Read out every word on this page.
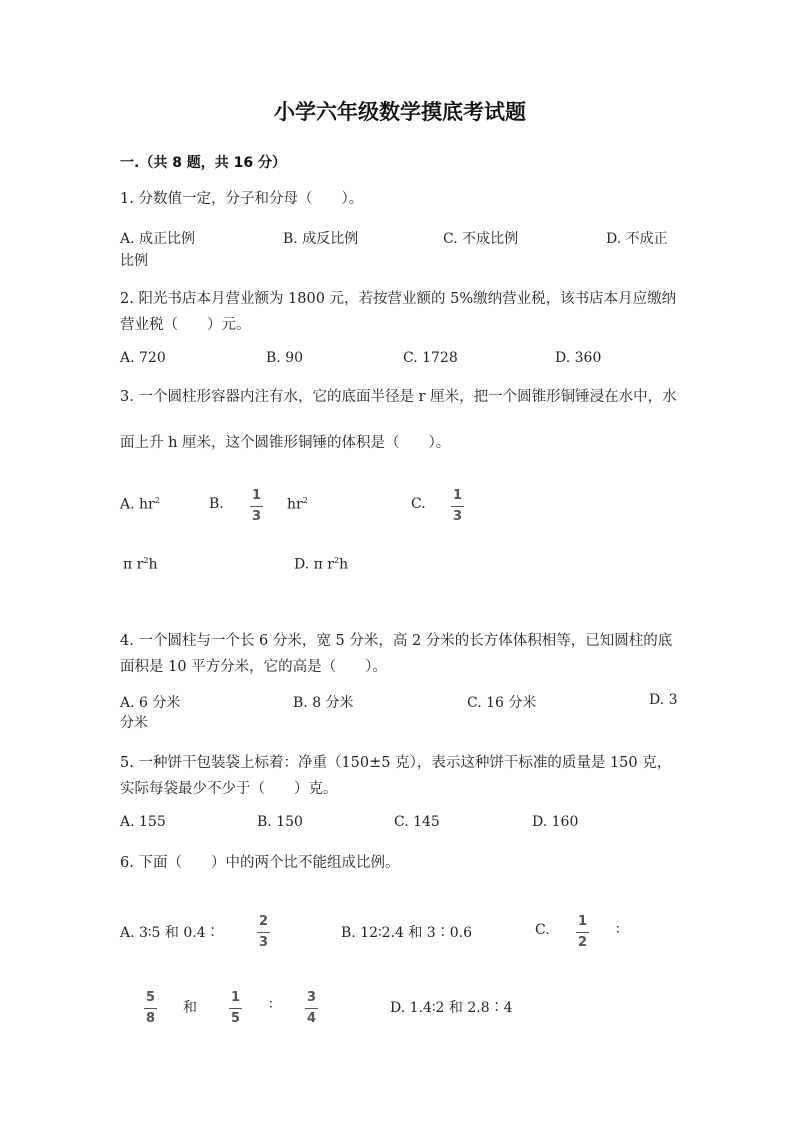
小学六年级数学摸底考试题
一.（共 8 题，共 16 分）
1. 分数值一定，分子和分母（　　）。
A. 成正比例	B. 成反比例	C. 不成比例	D. 不成正
比例
2. 阳光书店本月营业额为 1800 元，若按营业额的 5%缴纳营业税，该书店本月应缴纳营业税（　　）元。
A. 720	B. 90	C. 1728	D. 360
3. 一个圆柱形容器内注有水，它的底面半径是 r 厘米，把一个圆锥形铜锤浸在水中，水面上升 h 厘米，这个圆锥形铜锤的体积是（　　）。
A. $hr^2$	B.
1
3
$hr^2$	C.
1
3
π $r^2h$	D. π $r^2h$
4. 一个圆柱与一个长 6 分米，宽 5 分米，高 2 分米的长方体体积相等，已知圆柱的底面积是 10 平方分米，它的高是（　　）。
A. 6 分米	B. 8 分米	C. 16 分米	D. 3
分米
5. 一种饼干包装袋上标着：净重（150±5 克），表示这种饼干标准的质量是 150 克，实际每袋最少不少于（　　）克。
A. 155	B. 150	C. 145	D. 160
6. 下面（　　）中的两个比不能组成比例。
A. 3∶5 和 0.4∶
2
3
B. 12∶2.4 和 3∶0.6	C.
1
2
∶
5
8
和
1
5
∶	3
4
D. 1.4∶2 和 2.8∶4
